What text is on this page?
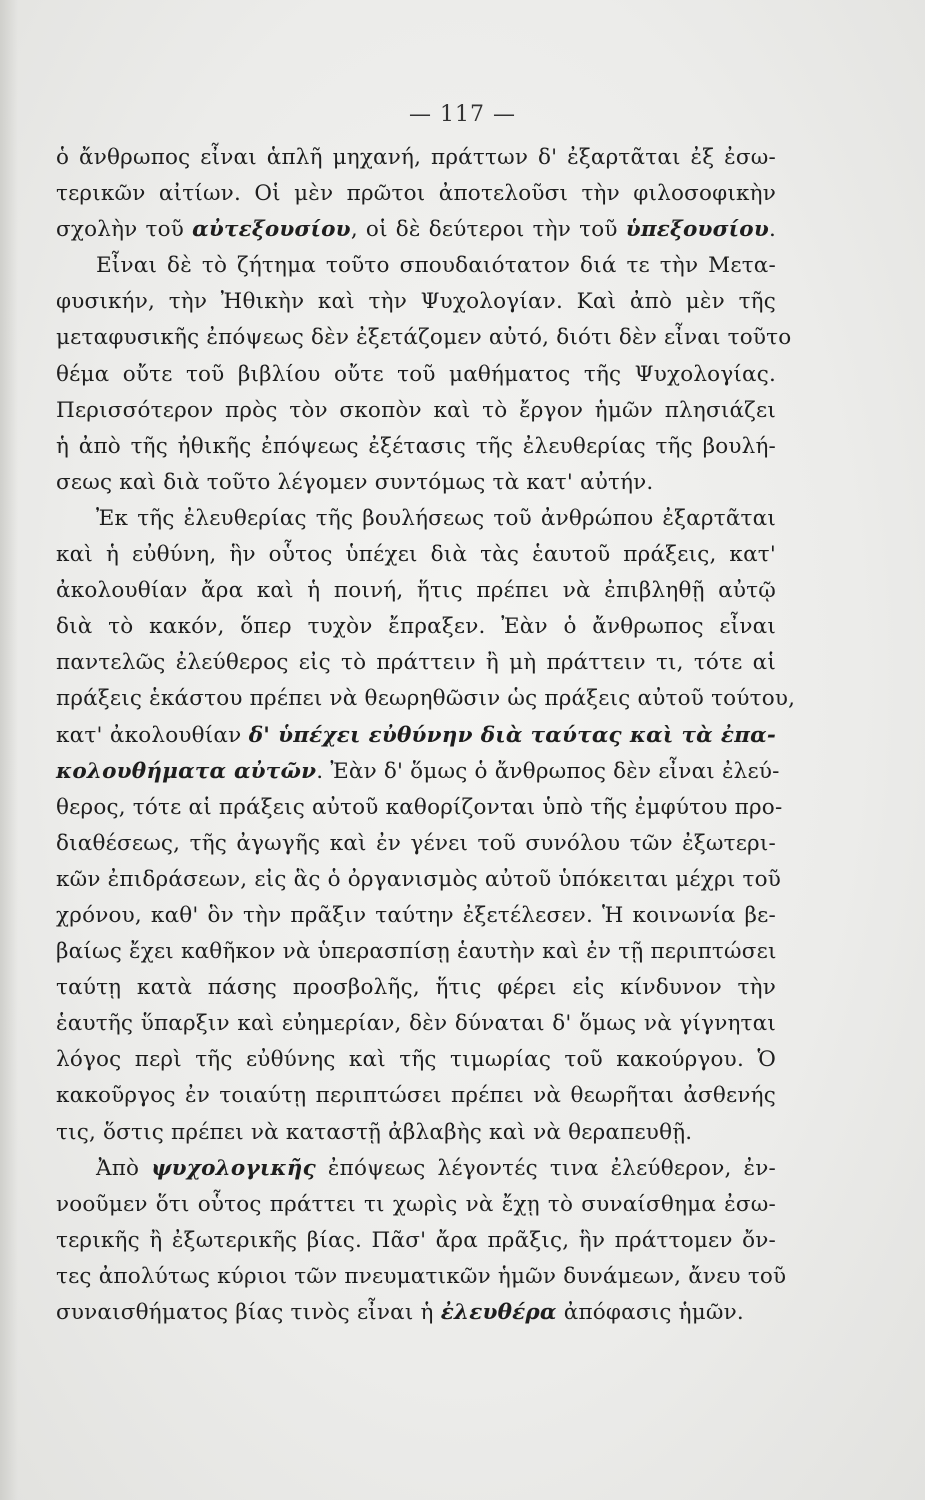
— 117 —
ὁ ἄνθρωπος εἶναι ἁπλῆ μηχανή, πράττων δ' ἐξαρτᾶται ἐξ ἐσω-
τερικῶν αἰτίων. Οἱ μὲν πρῶτοι ἀποτελοῦσι τὴν φιλοσοφικὴν
σχολὴν τοῦ αὐτεξουσίου, οἱ δὲ δεύτεροι τὴν τοῦ ὑπεξουσίου.
Εἶναι δὲ τὸ ζήτημα τοῦτο σπουδαιότατον διά τε τὴν Μετα-
φυσικήν, τὴν Ἠθικὴν καὶ τὴν Ψυχολογίαν. Καὶ ἀπὸ μὲν τῆς
μεταφυσικῆς ἐπόψεως δὲν ἐξετάζομεν αὐτό, διότι δὲν εἶναι τοῦτο
θέμα οὔτε τοῦ βιβλίου οὔτε τοῦ μαθήματος τῆς Ψυχολογίας.
Περισσότερον πρὸς τὸν σκοπὸν καὶ τὸ ἔργον ἡμῶν πλησιάζει
ἡ ἀπὸ τῆς ἠθικῆς ἐπόψεως ἐξέτασις τῆς ἐλευθερίας τῆς βουλή-
σεως καὶ διὰ τοῦτο λέγομεν συντόμως τὰ κατ' αὐτήν.
Ἐκ τῆς ἐλευθερίας τῆς βουλήσεως τοῦ ἀνθρώπου ἐξαρτᾶται
καὶ ἡ εὐθύνη, ἣν οὗτος ὑπέχει διὰ τὰς ἑαυτοῦ πράξεις, κατ'
ἀκολουθίαν ἄρα καὶ ἡ ποινή, ἥτις πρέπει νὰ ἐπιβληθῇ αὐτῷ
διὰ τὸ κακόν, ὅπερ τυχὸν ἔπραξεν. Ἐὰν ὁ ἄνθρωπος εἶναι
παντελῶς ἐλεύθερος εἰς τὸ πράττειν ἢ μὴ πράττειν τι, τότε αἱ
πράξεις ἑκάστου πρέπει νὰ θεωρηθῶσιν ὡς πράξεις αὐτοῦ τούτου,
κατ' ἀκολουθίαν δ' ὑπέχει εὐθύνην διὰ ταύτας καὶ τὰ ἐπα-
κολουθήματα αὐτῶν. Ἐὰν δ' ὅμως ὁ ἄνθρωπος δὲν εἶναι ἐλεύ-
θερος, τότε αἱ πράξεις αὐτοῦ καθορίζονται ὑπὸ τῆς ἐμφύτου προ-
διαθέσεως, τῆς ἀγωγῆς καὶ ἐν γένει τοῦ συνόλου τῶν ἐξωτερι-
κῶν ἐπιδράσεων, εἰς ἃς ὁ ὀργανισμὸς αὐτοῦ ὑπόκειται μέχρι τοῦ
χρόνου, καθ' ὃν τὴν πρᾶξιν ταύτην ἐξετέλεσεν. Ἡ κοινωνία βε-
βαίως ἔχει καθῆκον νὰ ὑπερασπίσῃ ἑαυτὴν καὶ ἐν τῇ περιπτώσει
ταύτῃ κατὰ πάσης προσβολῆς, ἥτις φέρει εἰς κίνδυνον τὴν
ἑαυτῆς ὕπαρξιν καὶ εὐημερίαν, δὲν δύναται δ' ὅμως νὰ γίγνηται
λόγος περὶ τῆς εὐθύνης καὶ τῆς τιμωρίας τοῦ κακούργου. Ὁ
κακοῦργος ἐν τοιαύτῃ περιπτώσει πρέπει νὰ θεωρῆται ἀσθενής
τις, ὅστις πρέπει νὰ καταστῇ ἀβλαβὴς καὶ νὰ θεραπευθῇ.
Ἀπὸ ψυχολογικῆς ἐπόψεως λέγοντές τινα ἐλεύθερον, ἐν-
νοοῦμεν ὅτι οὗτος πράττει τι χωρὶς νὰ ἔχῃ τὸ συναίσθημα ἐσω-
τερικῆς ἢ ἐξωτερικῆς βίας. Πᾶσ' ἄρα πρᾶξις, ἣν πράττομεν ὄν-
τες ἀπολύτως κύριοι τῶν πνευματικῶν ἡμῶν δυνάμεων, ἄνευ τοῦ
συναισθήματος βίας τινὸς εἶναι ἡ ἐλευθέρα ἀπόφασις ἡμῶν.
